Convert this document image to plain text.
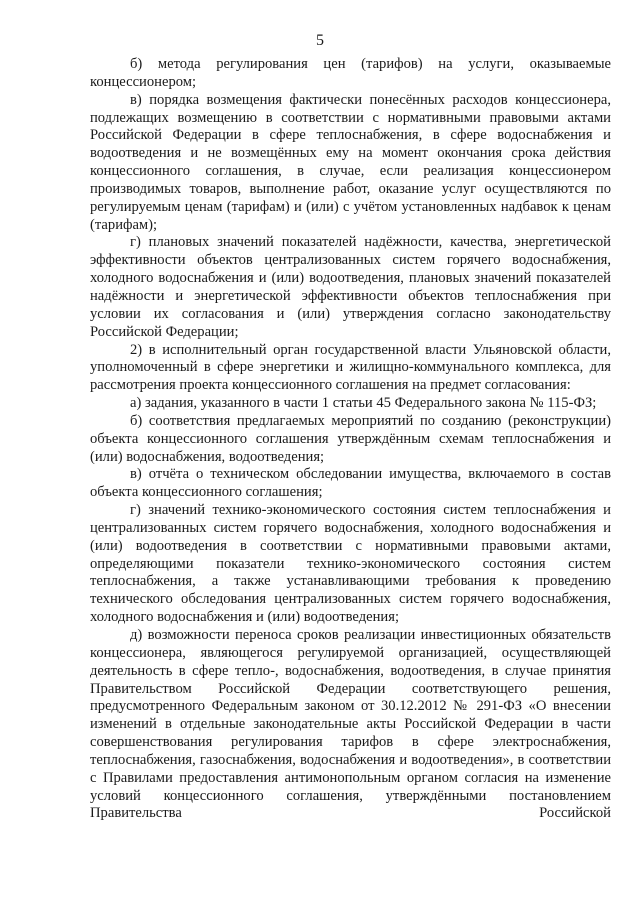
5

б) метода регулирования цен (тарифов) на услуги, оказываемые концессионером;

в) порядка возмещения фактически понесённых расходов концессионера, подлежащих возмещению в соответствии с нормативными правовыми актами Российской Федерации в сфере теплоснабжения, в сфере водоснабжения и водоотведения и не возмещённых ему на момент окончания срока действия концессионного соглашения, в случае, если реализация концессионером производимых товаров, выполнение работ, оказание услуг осуществляются по регулируемым ценам (тарифам) и (или) с учётом установленных надбавок к ценам (тарифам);

г) плановых значений показателей надёжности, качества, энергетической эффективности объектов централизованных систем горячего водоснабжения, холодного водоснабжения и (или) водоотведения, плановых значений показателей надёжности и энергетической эффективности объектов теплоснабжения при условии их согласования и (или) утверждения согласно законодательству Российской Федерации;

2) в исполнительный орган государственной власти Ульяновской области, уполномоченный в сфере энергетики и жилищно-коммунального комплекса, для рассмотрения проекта концессионного соглашения на предмет согласования:

а) задания, указанного в части 1 статьи 45 Федерального закона № 115-ФЗ;

б) соответствия предлагаемых мероприятий по созданию (реконструкции) объекта концессионного соглашения утверждённым схемам теплоснабжения и (или) водоснабжения, водоотведения;

в) отчёта о техническом обследовании имущества, включаемого в состав объекта концессионного соглашения;

г) значений технико-экономического состояния систем теплоснабжения и централизованных систем горячего водоснабжения, холодного водоснабжения и (или) водоотведения в соответствии с нормативными правовыми актами, определяющими показатели технико-экономического состояния систем теплоснабжения, а также устанавливающими требования к проведению технического обследования централизованных систем горячего водоснабжения, холодного водоснабжения и (или) водоотведения;

д) возможности переноса сроков реализации инвестиционных обязательств концессионера, являющегося регулируемой организацией, осуществляющей деятельность в сфере тепло-, водоснабжения, водоотведения, в случае принятия Правительством Российской Федерации соответствующего решения, предусмотренного Федеральным законом от 30.12.2012 № 291-ФЗ «О внесении изменений в отдельные законодательные акты Российской Федерации в части совершенствования регулирования тарифов в сфере электроснабжения, теплоснабжения, газоснабжения, водоснабжения и водоотведения», в соответствии с Правилами предоставления антимонопольным органом согласия на изменение условий концессионного соглашения, утверждёнными постановлением Правительства Российской
